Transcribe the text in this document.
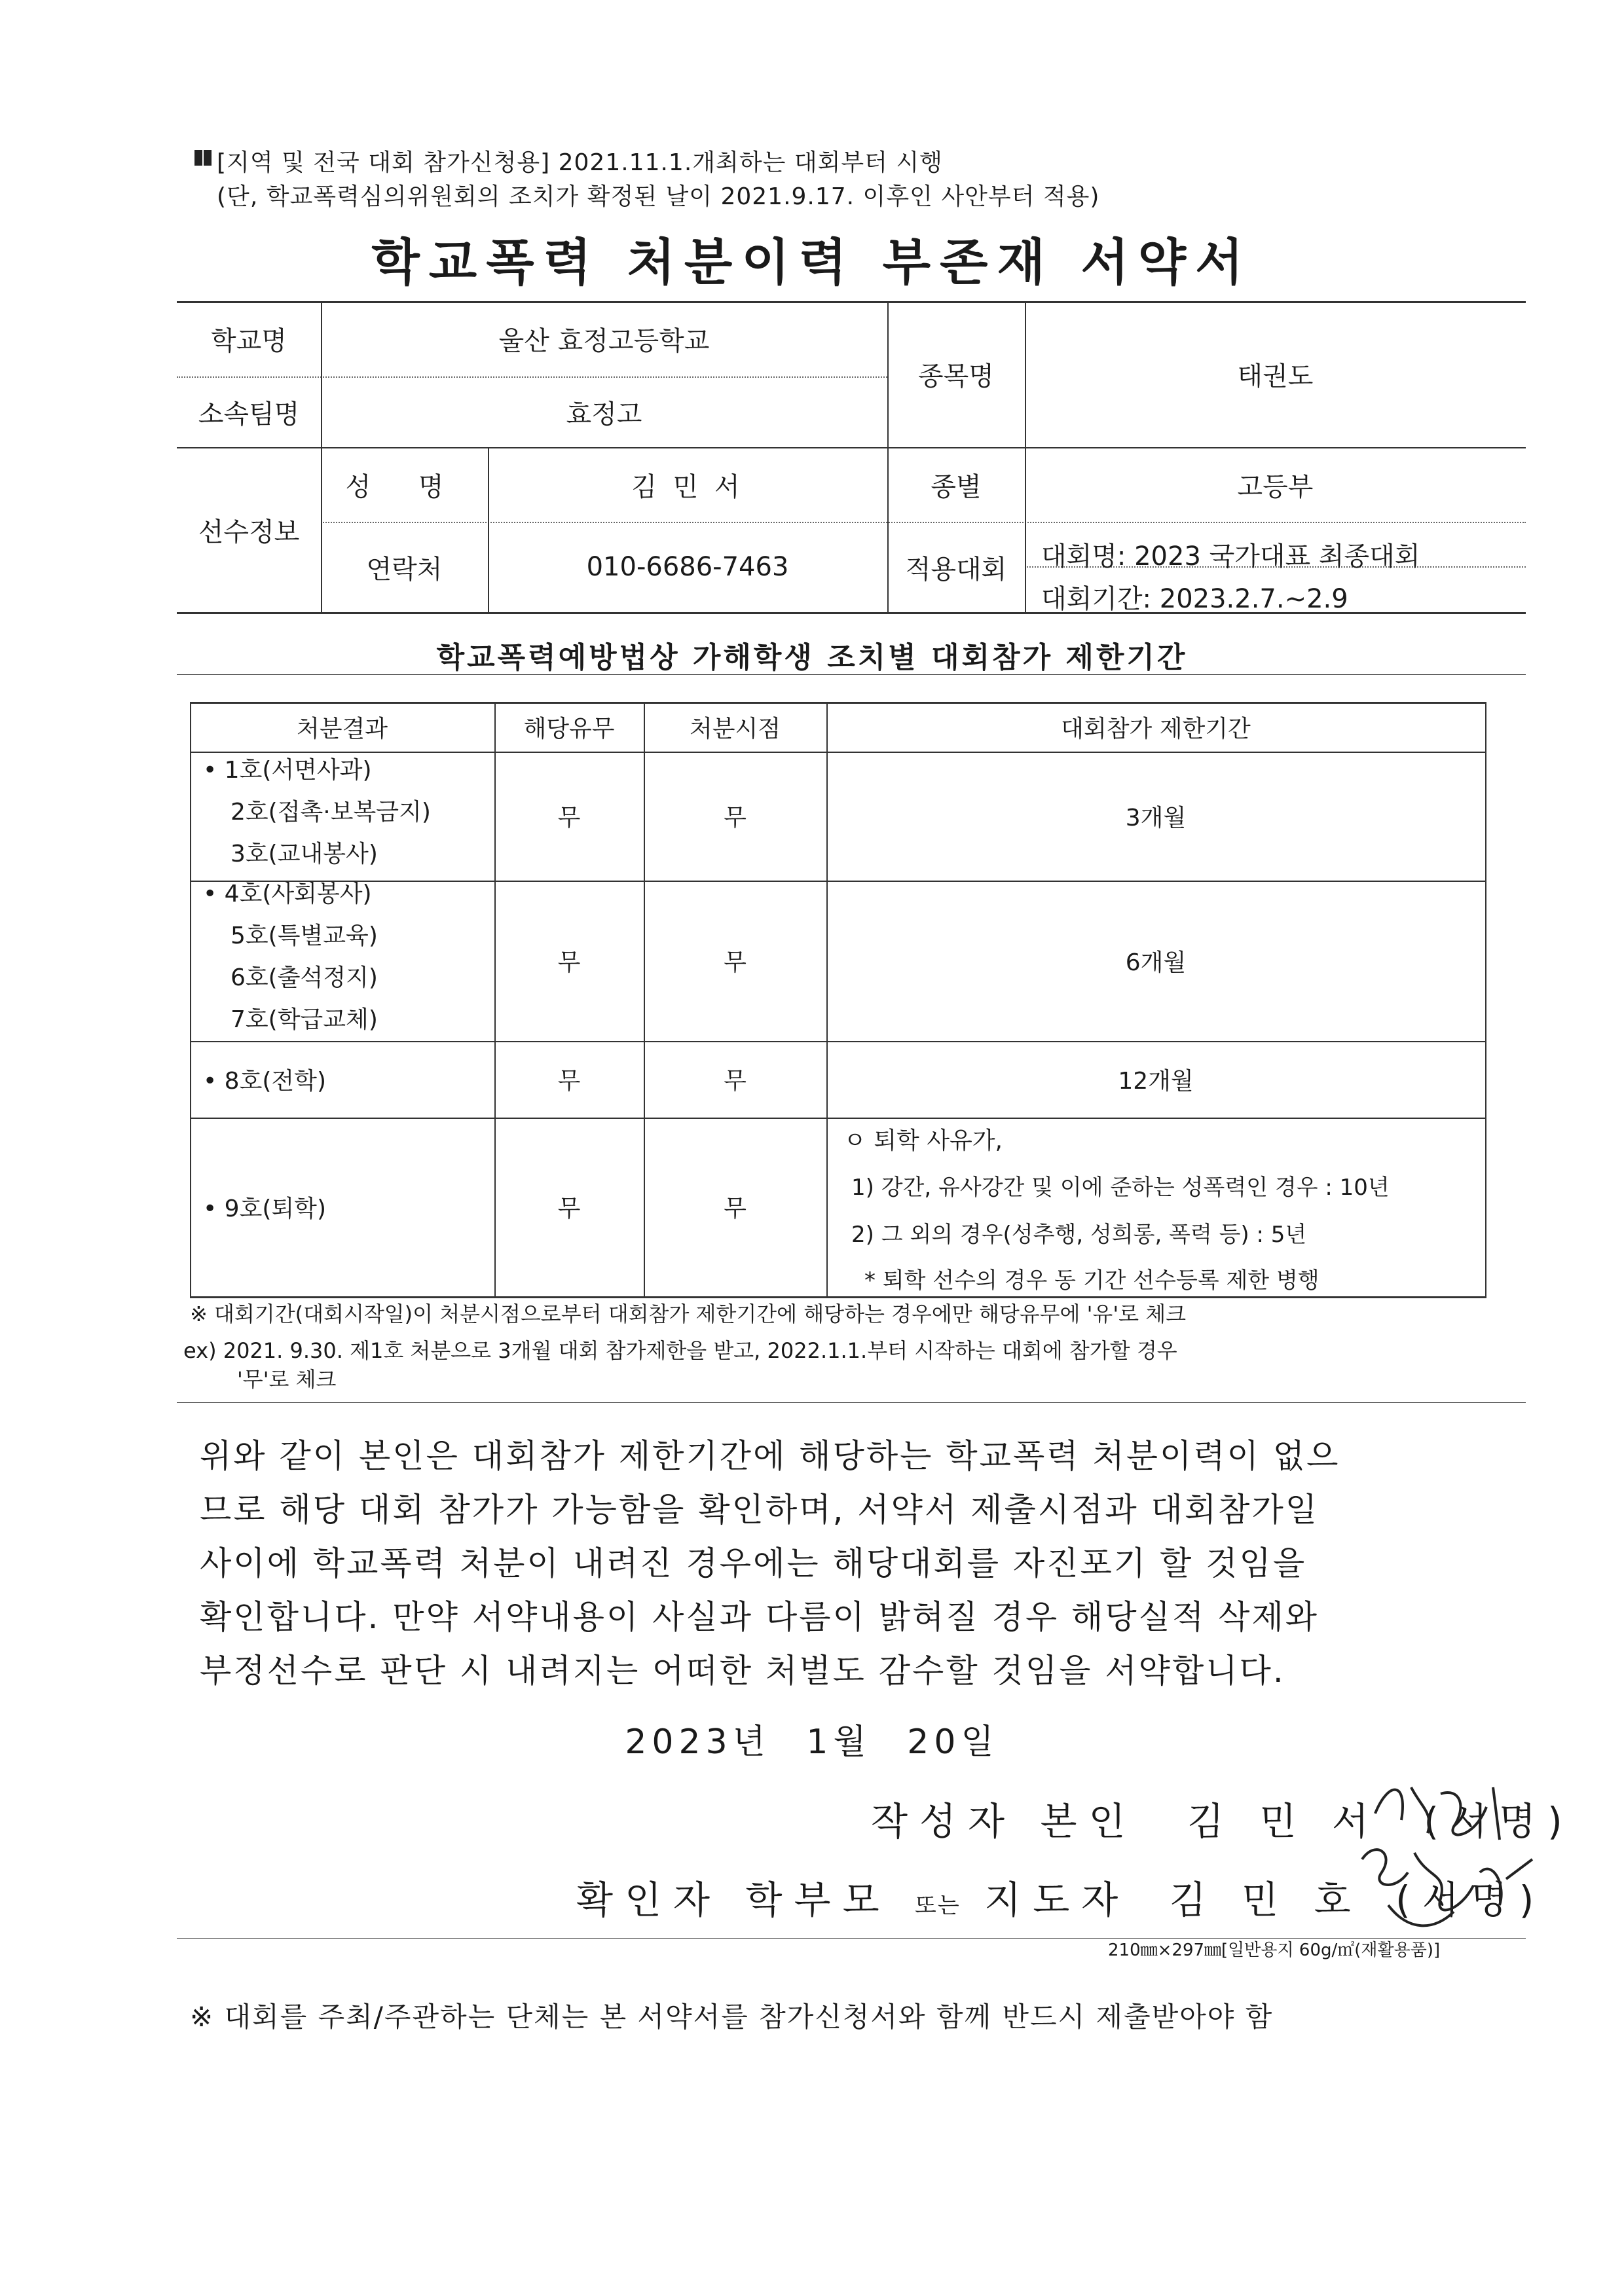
[지역 및 전국 대회 참가신청용] 2021.11.1.개최하는 대회부터 시행
(단, 학교폭력심의위원회의 조치가 확정된 날이 2021.9.17. 이후인 사안부터 적용)
학교폭력 처분이력 부존재 서약서
학교명	울산 효정고등학교
소속팀명	효정고
종목명	태권도
선수정보
성 명	김 민 서	종별	고등부
연락처	010-6686-7463	적용대회	대회명: 2023 국가대표 최종대회
대회기간: 2023.2.7.~2.9
학교폭력예방법상 가해학생 조치별 대회참가 제한기간
처분결과	해당유무	처분시점	대회참가 제한기간
• 1호(서면사과)
2호(접촉·보복금지)
3호(교내봉사)
무	무	3개월
• 4호(사회봉사)
5호(특별교육)
6호(출석정지)
7호(학급교체)
무	무	6개월
• 8호(전학)	무	무	12개월
• 9호(퇴학)	무	무
ㅇ 퇴학 사유가,
1) 강간, 유사강간 및 이에 준하는 성폭력인 경우 : 10년
2) 그 외의 경우(성추행, 성희롱, 폭력 등) : 5년
* 퇴학 선수의 경우 동 기간 선수등록 제한 병행
※ 대회기간(대회시작일)이 처분시점으로부터 대회참가 제한기간에 해당하는 경우에만 해당유무에 '유'로 체크
ex) 2021. 9.30. 제1호 처분으로 3개월 대회 참가제한을 받고, 2022.1.1.부터 시작하는 대회에 참가할 경우
'무'로 체크
위와 같이 본인은 대회참가 제한기간에 해당하는 학교폭력 처분이력이 없으
므로 해당 대회 참가가 가능함을 확인하며, 서약서 제출시점과 대회참가일
사이에 학교폭력 처분이 내려진 경우에는 해당대회를 자진포기 할 것임을
확인합니다. 만약 서약내용이 사실과 다름이 밝혀질 경우 해당실적 삭제와
부정선수로 판단 시 내려지는 어떠한 처벌도 감수할 것임을 서약합니다.
2023년 1월 20일
작성자 본인 김 민 서 (서명)
확인자 학부모 또는 지도자 김 민 호 (서명)
210㎜×297㎜[일반용지 60g/㎡(재활용품)]
※ 대회를 주최/주관하는 단체는 본 서약서를 참가신청서와 함께 반드시 제출받아야 함
